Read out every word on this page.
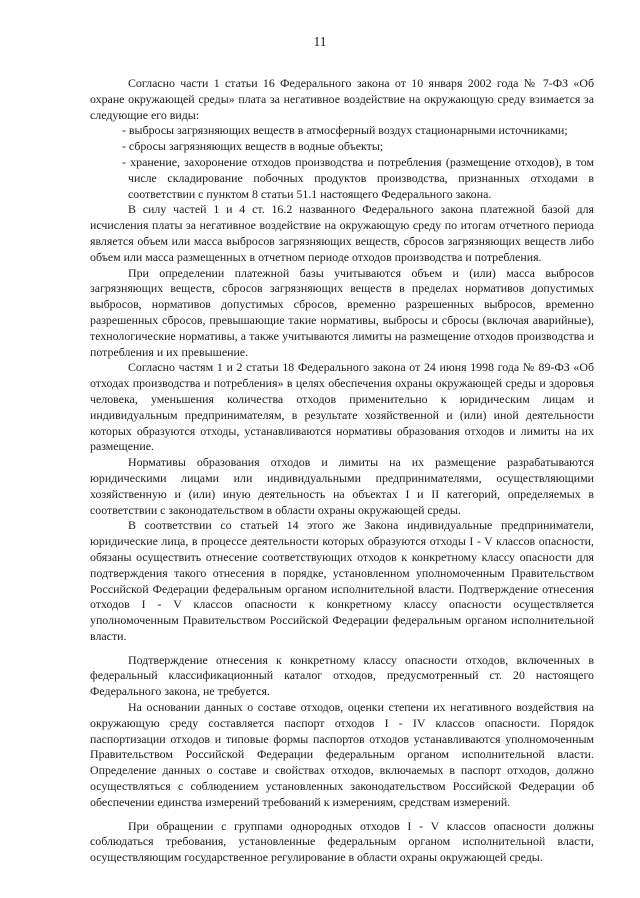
11

Согласно части 1 статьи 16 Федерального закона от 10 января 2002 года № 7-ФЗ «Об охране окружающей среды» плата за негативное воздействие на окружающую среду взимается за следующие его виды:

- выбросы загрязняющих веществ в атмосферный воздух стационарными источниками;

- сбросы загрязняющих веществ в водные объекты;

- хранение, захоронение отходов производства и потребления (размещение отходов), в том числе складирование побочных продуктов производства, признанных отходами в соответствии с пунктом 8 статьи 51.1 настоящего Федерального закона.

В силу частей 1 и 4 ст. 16.2 названного Федерального закона платежной базой для исчисления платы за негативное воздействие на окружающую среду по итогам отчетного периода является объем или масса выбросов загрязняющих веществ, сбросов загрязняющих веществ либо объем или масса размещенных в отчетном периоде отходов производства и потребления.

При определении платежной базы учитываются объем и (или) масса выбросов загрязняющих веществ, сбросов загрязняющих веществ в пределах нормативов допустимых выбросов, нормативов допустимых сбросов, временно разрешенных выбросов, временно разрешенных сбросов, превышающие такие нормативы, выбросы и сбросы (включая аварийные), технологические нормативы, а также учитываются лимиты на размещение отходов производства и потребления и их превышение.

Согласно частям 1 и 2 статьи 18 Федерального закона от 24 июня 1998 года № 89-ФЗ «Об отходах производства и потребления» в целях обеспечения охраны окружающей среды и здоровья человека, уменьшения количества отходов применительно к юридическим лицам и индивидуальным предпринимателям, в результате хозяйственной и (или) иной деятельности которых образуются отходы, устанавливаются нормативы образования отходов и лимиты на их размещение.

Нормативы образования отходов и лимиты на их размещение разрабатываются юридическими лицами или индивидуальными предпринимателями, осуществляющими хозяйственную и (или) иную деятельность на объектах I и II категорий, определяемых в соответствии с законодательством в области охраны окружающей среды.

В соответствии со статьей 14 этого же Закона индивидуальные предприниматели, юридические лица, в процессе деятельности которых образуются отходы I - V классов опасности, обязаны осуществить отнесение соответствующих отходов к конкретному классу опасности для подтверждения такого отнесения в порядке, установленном уполномоченным Правительством Российской Федерации федеральным органом исполнительной власти. Подтверждение отнесения отходов I - V классов опасности к конкретному классу опасности осуществляется уполномоченным Правительством Российской Федерации федеральным органом исполнительной власти.

Подтверждение отнесения к конкретному классу опасности отходов, включенных в федеральный классификационный каталог отходов, предусмотренный ст. 20 настоящего Федерального закона, не требуется.

На основании данных о составе отходов, оценки степени их негативного воздействия на окружающую среду составляется паспорт отходов I - IV классов опасности. Порядок паспортизации отходов и типовые формы паспортов отходов устанавливаются уполномоченным Правительством Российской Федерации федеральным органом исполнительной власти. Определение данных о составе и свойствах отходов, включаемых в паспорт отходов, должно осуществляться с соблюдением установленных законодательством Российской Федерации об обеспечении единства измерений требований к измерениям, средствам измерений.

При обращении с группами однородных отходов I - V классов опасности должны соблюдаться требования, установленные федеральным органом исполнительной власти, осуществляющим государственное регулирование в области охраны окружающей среды.
